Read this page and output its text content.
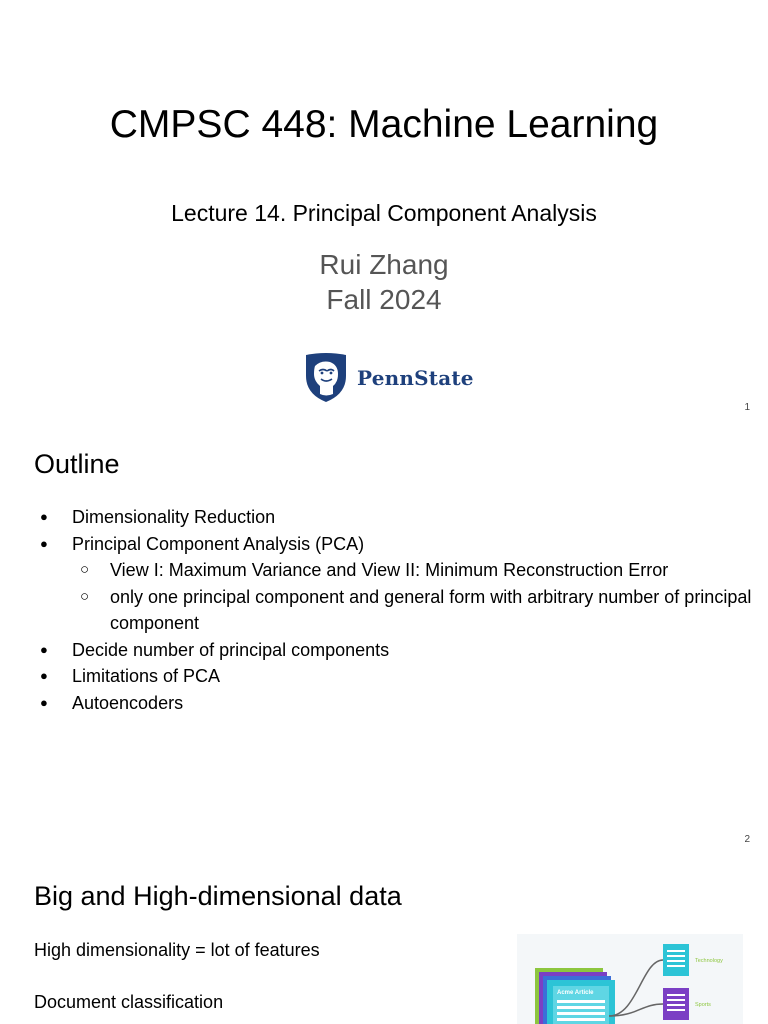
CMPSC 448: Machine Learning
Lecture 14. Principal Component Analysis
Rui Zhang
Fall 2024
PennState
1
Outline
● Dimensionality Reduction
● Principal Component Analysis (PCA)
○ View I: Maximum Variance and View II: Minimum Reconstruction Error
○ only one principal component and general form with arbitrary number of principal component
● Decide number of principal components
● Limitations of PCA
● Autoencoders
2
Big and High-dimensional data
High dimensionality = lot of features
Document classification	Acme Article
Technology
Sports
